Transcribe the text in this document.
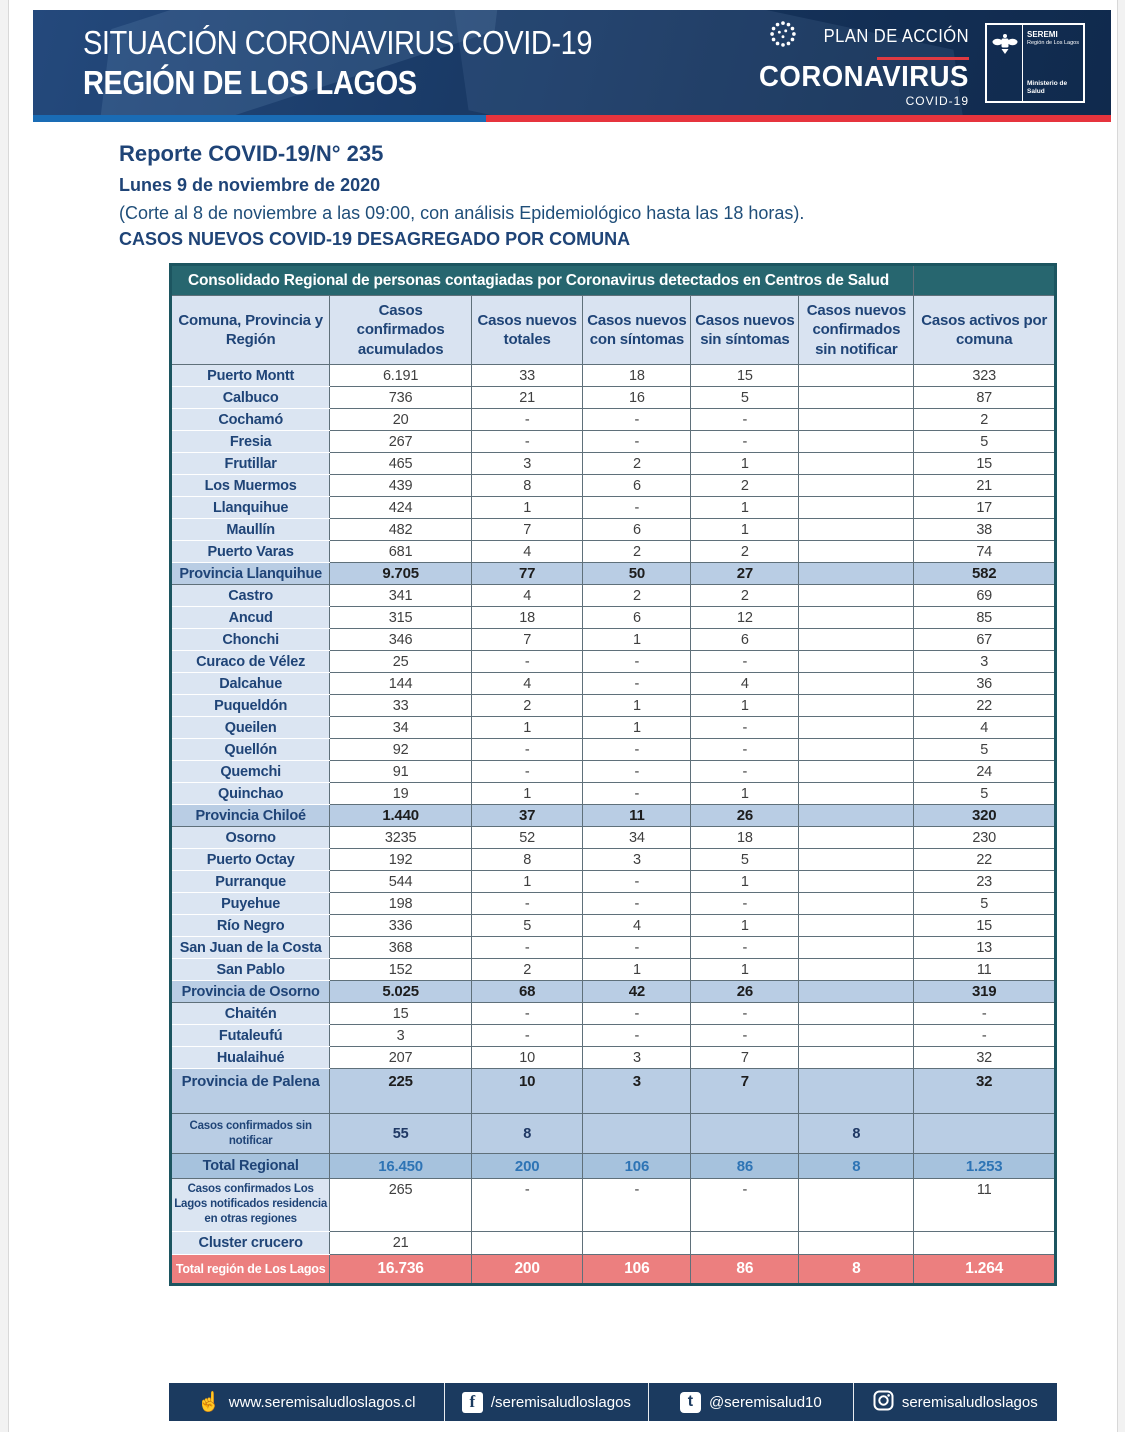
SITUACIÓN CORONAVIRUS COVID-19
REGIÓN DE LOS LAGOS
PLAN DE ACCIÓN
CORONAVIRUS
COVID-19
SEREMI
Región de Los Lagos
Ministerio de Salud
Reporte COVID-19/N° 235
Lunes 9 de noviembre de 2020
(Corte al 8 de noviembre a las 09:00, con análisis Epidemiológico hasta las 18 horas).
CASOS NUEVOS COVID-19 DESAGREGADO POR COMUNA
Consolidado Regional de personas contagiadas por Coronavirus detectados en Centros de Salud						
Comuna, Provincia y Región	Casos confirmados acumulados	Casos nuevos totales	Casos nuevos con síntomas	Casos nuevos sin síntomas	Casos nuevos confirmados sin notificar	Casos activos por comuna
Puerto Montt	6.191	33	18	15		323
Calbuco	736	21	16	5		87
Cochamó	20	-	-	-		2
Fresia	267	-	-	-		5
Frutillar	465	3	2	1		15
Los Muermos	439	8	6	2		21
Llanquihue	424	1	-	1		17
Maullín	482	7	6	1		38
Puerto Varas	681	4	2	2		74
Provincia Llanquihue	9.705	77	50	27		582
Castro	341	4	2	2		69
Ancud	315	18	6	12		85
Chonchi	346	7	1	6		67
Curaco de Vélez	25	-	-	-		3
Dalcahue	144	4	-	4		36
Puqueldón	33	2	1	1		22
Queilen	34	1	1	-		4
Quellón	92	-	-	-		5
Quemchi	91	-	-	-		24
Quinchao	19	1	-	1		5
Provincia Chiloé	1.440	37	11	26		320
Osorno	3235	52	34	18		230
Puerto Octay	192	8	3	5		22
Purranque	544	1	-	1		23
Puyehue	198	-	-	-		5
Río Negro	336	5	4	1		15
San Juan de la Costa	368	-	-	-		13
San Pablo	152	2	1	1		11
Provincia de Osorno	5.025	68	42	26		319
Chaitén	15	-	-	-		-
Futaleufú	3	-	-	-		-
Hualaihué	207	10	3	7		32
Provincia de Palena	225	10	3	7		32
Casos confirmados sin notificar	55	8			8	
Total Regional	16.450	200	106	86	8	1.253
Casos confirmados Los Lagos notificados residencia en otras regiones	265	-	-	-		11
Cluster crucero	21					
Total región de Los Lagos	16.736	200	106	86	8	1.264
☝ www.seremisaludloslagos.cl	f	/seremisaludloslagos	t	@seremisalud10	seremisaludloslagos
